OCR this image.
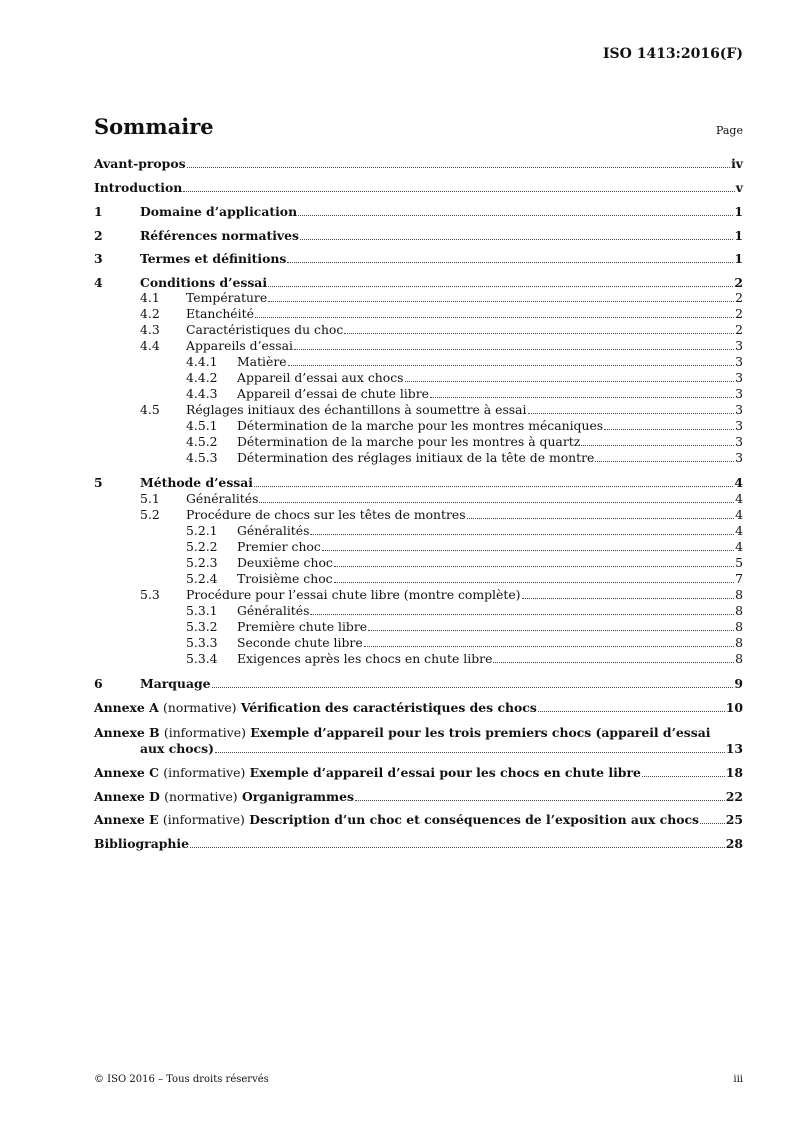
ISO 1413:2016(F)
Sommaire	Page
Avant-propos	iv
Introduction	v
1	Domaine d’application	1
2	Références normatives	1
3	Termes et définitions	1
4	Conditions d’essai	2
4.1	Température	2
4.2	Etanchéité	2
4.3	Caractéristiques du choc	2
4.4	Appareils d’essai	3
4.4.1	Matière	3
4.4.2	Appareil d’essai aux chocs	3
4.4.3	Appareil d’essai de chute libre	3
4.5	Réglages initiaux des échantillons à soumettre à essai	3
4.5.1	Détermination de la marche pour les montres mécaniques	3
4.5.2	Détermination de la marche pour les montres à quartz	3
4.5.3	Détermination des réglages initiaux de la tête de montre	3
5	Méthode d’essai	4
5.1	Généralités	4
5.2	Procédure de chocs sur les têtes de montres	4
5.2.1	Généralités	4
5.2.2	Premier choc	4
5.2.3	Deuxième choc	5
5.2.4	Troisième choc	7
5.3	Procédure pour l’essai chute libre (montre complète)	8
5.3.1	Généralités	8
5.3.2	Première chute libre	8
5.3.3	Seconde chute libre	8
5.3.4	Exigences après les chocs en chute libre	8
6	Marquage	9
Annexe A (normative) Vérification des caractéristiques des chocs	10
Annexe B (informative) Exemple d’appareil pour les trois premiers chocs (appareil d’essai
aux chocs)	13
Annexe C (informative) Exemple d’appareil d’essai pour les chocs en chute libre	18
Annexe D (normative) Organigrammes	22
Annexe E (informative) Description d’un choc et conséquences de l’exposition aux chocs 25
Bibliographie	28
© ISO 2016 – Tous droits réservés	iii
